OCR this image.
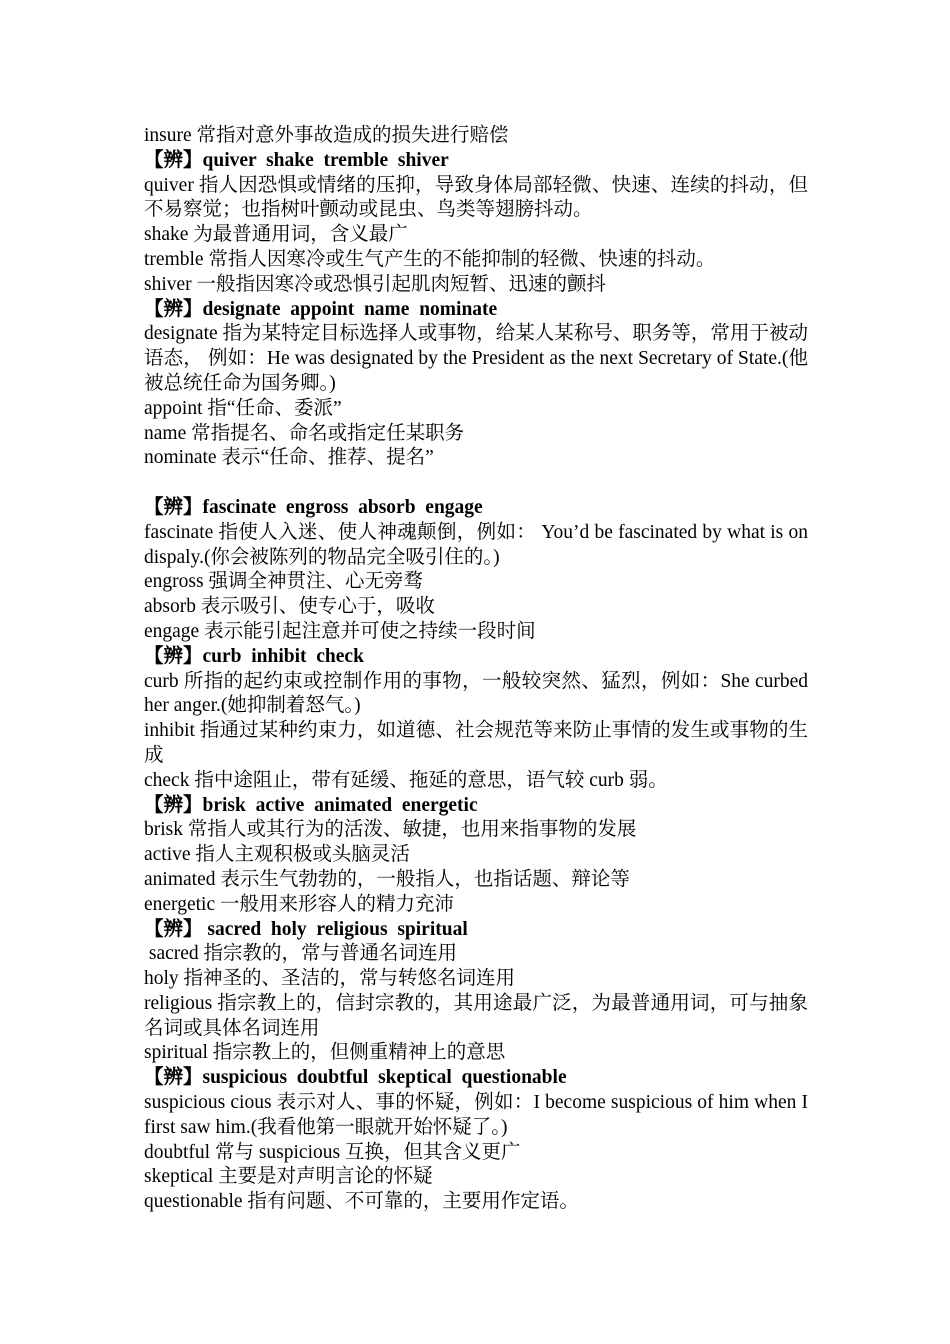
insure 常指对意外事故造成的损失进行赔偿
【辨】quiver  shake  tremble  shiver
quiver 指人因恐惧或情绪的压抑，导致身体局部轻微、快速、连续的抖动，但不易察觉；也指树叶颤动或昆虫、鸟类等翅膀抖动。
shake 为最普通用词，含义最广
tremble 常指人因寒冷或生气产生的不能抑制的轻微、快速的抖动。
shiver 一般指因寒冷或恐惧引起肌肉短暂、迅速的颤抖
【辨】designate  appoint  name  nominate
designate 指为某特定目标选择人或事物，给某人某称号、职务等，常用于被动语态， 例如：He was designated by the President as the next Secretary of State.(他被总统任命为国务卿。)
appoint 指“任命、委派”
name 常指提名、命名或指定任某职务
nominate 表示“任命、推荐、提名”
【辨】fascinate  engross  absorb  engage
fascinate 指使人入迷、使人神魂颠倒，例如： You’d be fascinated by what is on dispaly.(你会被陈列的物品完全吸引住的。)
engross 强调全神贯注、心无旁骛
absorb 表示吸引、使专心于，吸收
engage 表示能引起注意并可使之持续一段时间
【辨】curb  inhibit  check
curb 所指的起约束或控制作用的事物，一般较突然、猛烈，例如：She curbed her anger.(她抑制着怒气。)
inhibit 指通过某种约束力，如道德、社会规范等来防止事情的发生或事物的生成
check 指中途阻止，带有延缓、拖延的意思，语气较 curb 弱。
【辨】brisk  active  animated  energetic
brisk 常指人或其行为的活泼、敏捷，也用来指事物的发展
active 指人主观积极或头脑灵活
animated 表示生气勃勃的，一般指人，也指话题、辩论等
energetic 一般用来形容人的精力充沛
【辨】 sacred  holy  religious  spiritual
sacred 指宗教的，常与普通名词连用
holy 指神圣的、圣洁的，常与转悠名词连用
religious 指宗教上的，信封宗教的，其用途最广泛，为最普通用词，可与抽象名词或具体名词连用
spiritual 指宗教上的，但侧重精神上的意思
【辨】suspicious  doubtful  skeptical  questionable
suspicious cious 表示对人、事的怀疑，例如：I become suspicious of him when I first saw him.(我看他第一眼就开始怀疑了。)
doubtful 常与 suspicious 互换，但其含义更广
skeptical 主要是对声明言论的怀疑
questionable 指有问题、不可靠的，主要用作定语。
